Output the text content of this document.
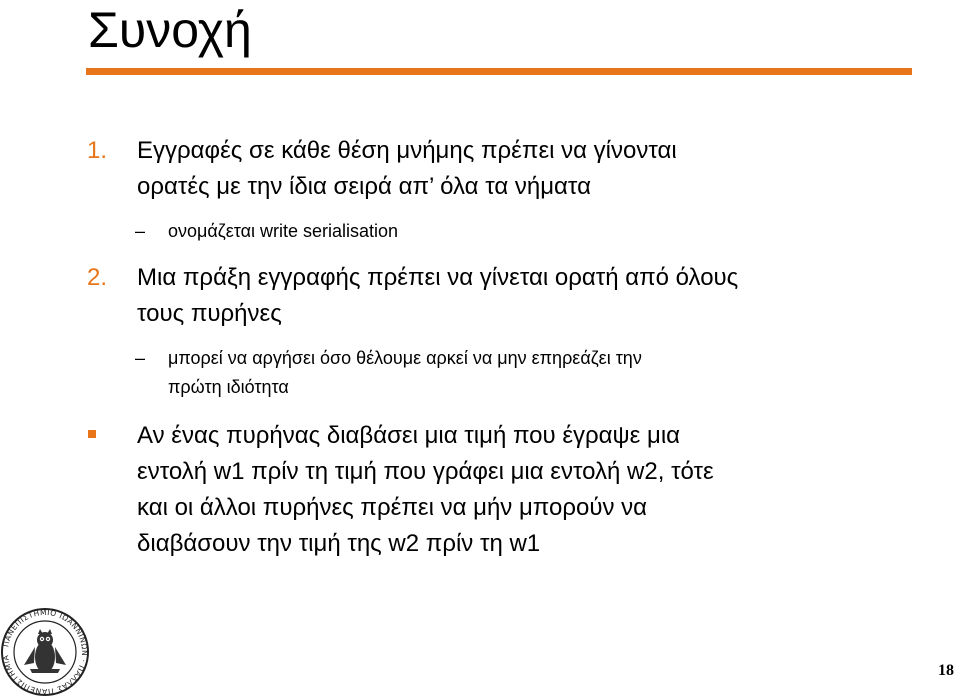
Συνοχή
1. Εγγραφές σε κάθε θέση μνήμης πρέπει να γίνονται
ορατές με την ίδια σειρά απ’ όλα τα νήματα
– ονομάζεται write serialisation
2. Μια πράξη εγγραφής πρέπει να γίνεται ορατή από όλους
τους πυρήνες
– μπορεί να αργήσει όσο θέλουμε αρκεί να μην επηρεάζει την
πρώτη ιδιότητα
Αν ένας πυρήνας διαβάσει μια τιμή που έγραψε μια
εντολή w1 πρίν τη τιμή που γράφει μια εντολή w2, τότε
και οι άλλοι πυρήνες πρέπει να μήν μπορούν να
διαβάσουν την τιμή της w2 πρίν τη w1
ΠΑΝΕΠΙΣΤΗΜΙΟ ΙΩΑΝΝΙΝΩΝ · ΠΑΛΛΑΣ ΠΑΝΕΠΙΣΤΗΜΙΑ
18
